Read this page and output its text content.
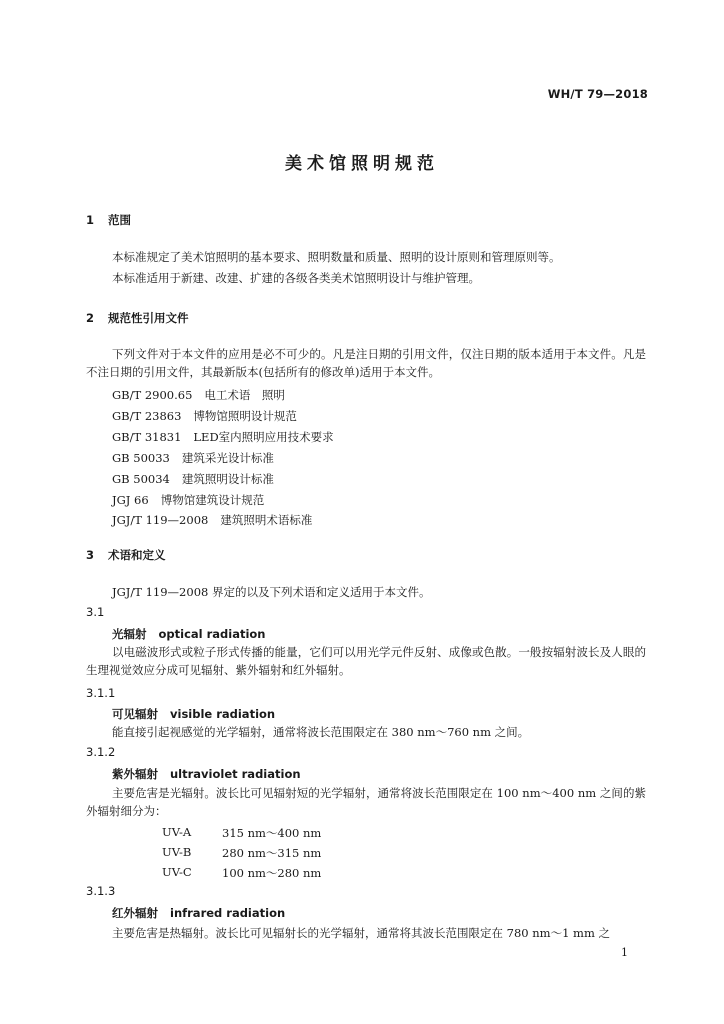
WH/T 79—2018
美术馆照明规范
1 范围
本标准规定了美术馆照明的基本要求、照明数量和质量、照明的设计原则和管理原则等。
本标准适用于新建、改建、扩建的各级各类美术馆照明设计与维护管理。
2 规范性引用文件
下列文件对于本文件的应用是必不可少的。凡是注日期的引用文件，仅注日期的版本适用于本文件。凡是不注日期的引用文件，其最新版本(包括所有的修改单)适用于本文件。
GB/T 2900.65 电工术语　照明
GB/T 23863 博物馆照明设计规范
GB/T 31831 LED室内照明应用技术要求
GB 50033 建筑采光设计标准
GB 50034 建筑照明设计标准
JGJ 66 博物馆建筑设计规范
JGJ/T 119—2008 建筑照明术语标准
3 术语和定义
JGJ/T 119—2008 界定的以及下列术语和定义适用于本文件。
3.1
光辐射 optical radiation
以电磁波形式或粒子形式传播的能量，它们可以用光学元件反射、成像或色散。一般按辐射波长及人眼的生理视觉效应分成可见辐射、紫外辐射和红外辐射。
3.1.1
可见辐射 visible radiation
能直接引起视感觉的光学辐射，通常将波长范围限定在 380 nm～760 nm 之间。
3.1.2
紫外辐射 ultraviolet radiation
主要危害是光辐射。波长比可见辐射短的光学辐射，通常将波长范围限定在 100 nm～400 nm 之间的紫外辐射细分为：
UV-A	315 nm～400 nm
UV-B	280 nm～315 nm
UV-C	100 nm～280 nm
3.1.3
红外辐射 infrared radiation
主要危害是热辐射。波长比可见辐射长的光学辐射，通常将其波长范围限定在 780 nm～1 mm 之
1
